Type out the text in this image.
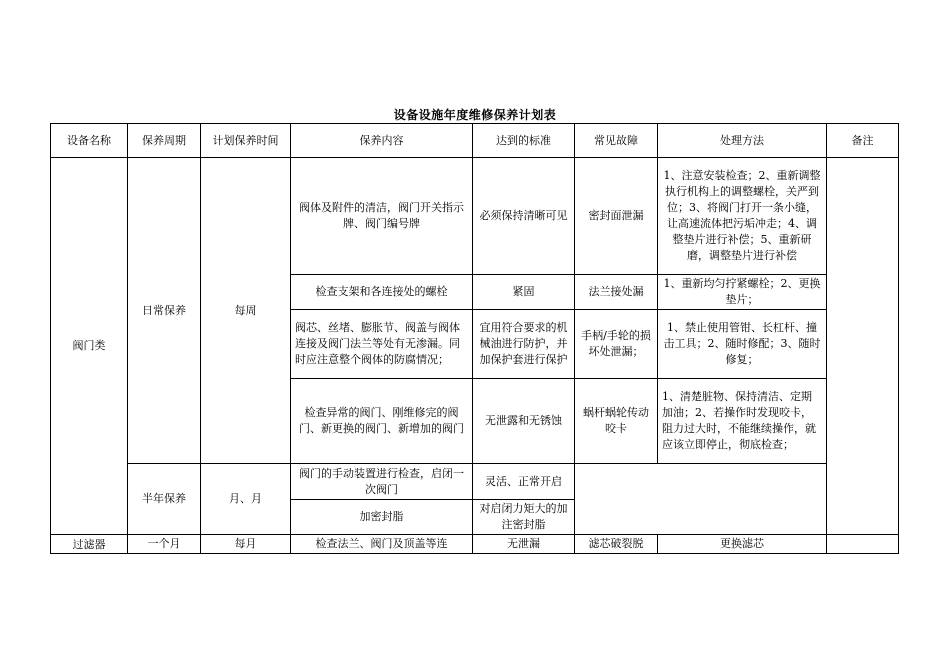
设备设施年度维修保养计划表
设备名称	保养周期	计划保养时间	保养内容	达到的标准	常见故障	处理方法	备注
阀门类	日常保养	每周	阀体及附件的清洁，阀门开关指示牌、阀门编号牌	必须保持清晰可见	密封面泄漏	1、注意安装检查；2、重新调整执行机构上的调整螺栓，关严到位；3、将阀门打开一条小缝，让高速流体把污垢冲走；4、调整垫片进行补偿；5、重新研磨，调整垫片进行补偿	
			检查支架和各连接处的螺栓	紧固	法兰接处漏	1、重新均匀拧紧螺栓；2、更换垫片；	
			阀芯、丝堵、膨胀节、阀盖与阀体连接及阀门法兰等处有无渗漏。同时应注意整个阀体的防腐情况；	宜用符合要求的机械油进行防护，并加保护套进行保护	手柄/手轮的损坏处泄漏；	1、禁止使用管钳、长杠杆、撞击工具；2、随时修配；3、随时修复；	
			检查异常的阀门、刚维修完的阀门、新更换的阀门、新增加的阀门	无泄露和无锈蚀	蜗杆蜗轮传动咬卡	1、清楚脏物、保持清洁、定期加油；2、若操作时发现咬卡，阻力过大时，不能继续操作，就应该立即停止，彻底检查；	
	半年保养	月、月	阀门的手动装置进行检查，启闭一次阀门	灵活、正常开启			
			加密封脂	对启闭力矩大的加注密封脂			
过滤器	一个月	每月	检查法兰、阀门及顶盖等连	无泄漏	滤芯破裂脱	更换滤芯	
